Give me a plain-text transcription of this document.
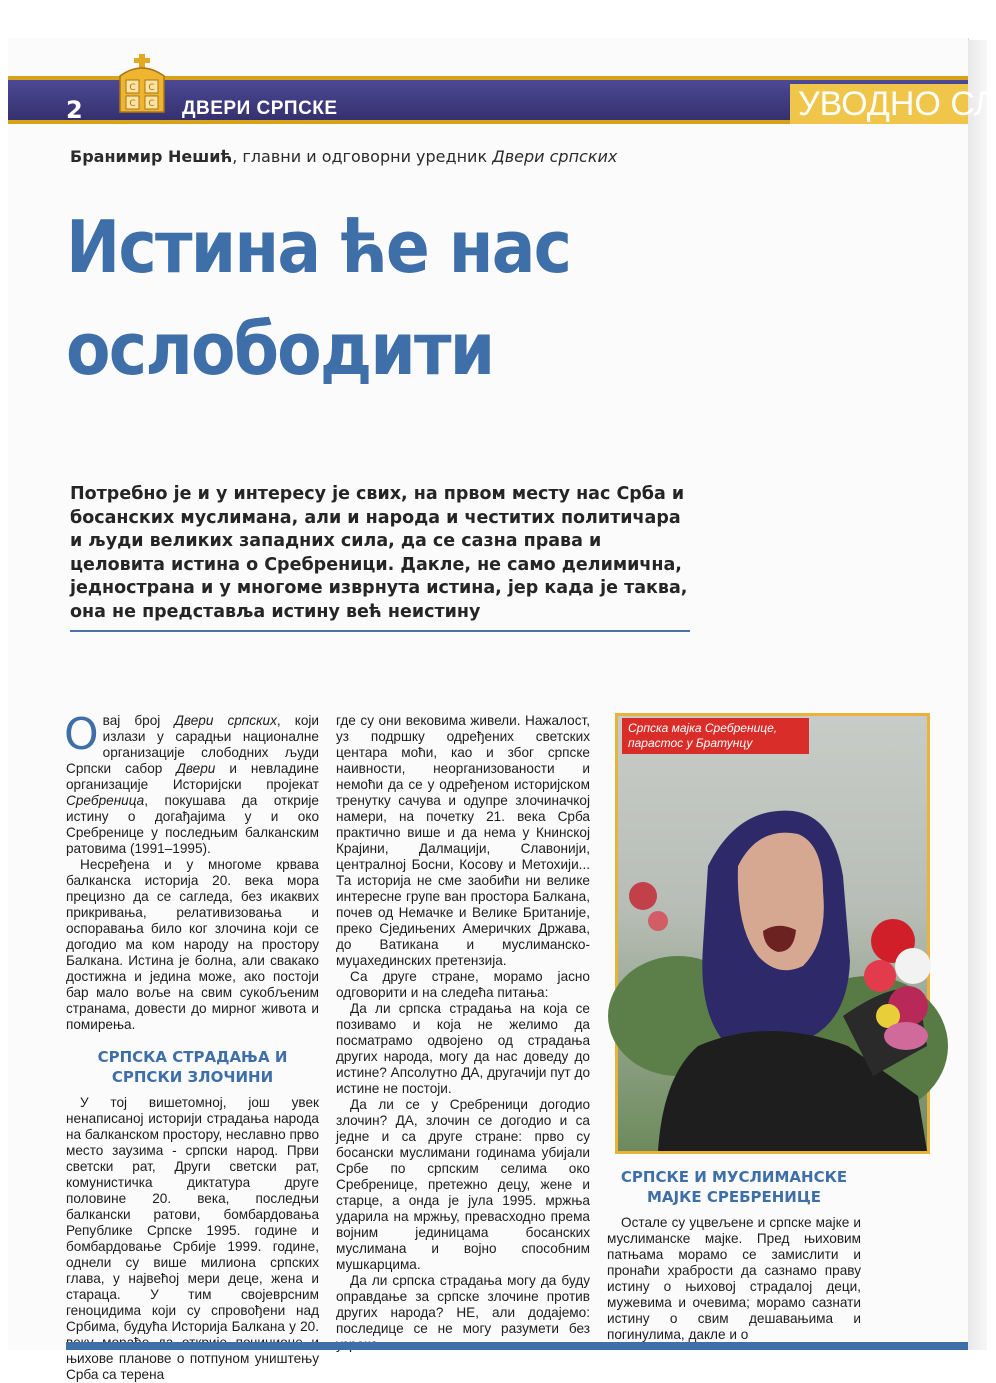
2	ДВЕРИ СРПСКЕ	УВОДНО СЛ
С С
С С
Бранимир Нешић, главни и одговорни уредник Двери српских
Истина ће нас
ослободити
Потребно је и у интересу је свих, на првом месту нас Срба и босанских муслимана, али и народа и честитих политичара и људи великих западних сила, да се сазна права и целовита истина о Сребреници. Дакле, не само делимична, једнострана и у многоме изврнута истина, јер када је таква, она не представља истину већ неистину

Овај број Двери српских, који излази у сарадњи националне организације слободних људи Српски сабор Двери и невладине организације Историјски пројекат Сребреница, покушава да открије истину о догађајима у и око Сребренице у последњим балканским ратовима (1991–1995).

Несређена и у многоме крвава балканска историја 20. века мора прецизно да се сагледа, без икаквих прикривања, релативизовања и оспоравања било ког злочина који се догодио ма ком народу на простору Балкана. Истина је болна, али свакако достижна и једина може, ако постоји бар мало воље на свим сукобљеним странама, довести до мирног живота и помирења.

СРПСКА СТРАДАЊА И СРПСКИ ЗЛОЧИНИ

У тој вишетомној, још увек ненаписаној историји страдања народа на балканском простору, неславно прво место заузима - српски народ. Први светски рат, Други светски рат, комунистичка диктатура друге половине 20. века, последњи балкански ратови, бомбардовања Републике Српске 1995. године и бомбардовање Србије 1999. године, однели су више милиона српских глава, у највећој мери деце, жена и стараца. У тим својеврсним геноцидима који су спровођени над Србима, будућа Историја Балкана у 20. њихове планове о потпуном уништењу Срба са терена

где су они вековима живели. Нажалост, уз подршку одређених светских центара моћи, као и због српске наивности, неорганизованости и немоћи да се у одређеном историјском тренутку сачува и одупре злочиначкој намери, на почетку 21. века Срба практично више и да нема у Книнској Крајини, Далмацији, Славонији, централној Босни, Косову и Метохији... Та историја не сме заобићи ни велике интересне групе ван простора Балкана, почев од Немачке и Велике Британије, преко Сједињених Америчких Држава, до Ватикана и муслиманско-муџахединских претензија.

Са друге стране, морамо јасно одговорити и на следећа питања:

Да ли српска страдања на која се позивамо и која не желимо да посматрамо одвојено од страдања других народа, могу да нас доведу до истине? Апсолутно ДА, другачији пут до истине не постоји.

Да ли се у Сребреници догодио злочин? ДА, злочин се догодио и са једне и са друге стране: прво су босански муслимани годинама убијали Србе по српским селима око Сребренице, претежно децу, жене и старце, а онда је јула 1995. мржња ударила на мржњу, превасходно према војним јединицама босанских муслимана и војно способним мушкарцима.

Да ли српска страдања могу да буду оправдање за српске злочине против других народа? НЕ, али додајемо: последице се не могу разумети без

Српска мајка Сребренице, парастос у Братунцу
СРПСКЕ И МУСЛИМАНСКЕ МАЈКЕ СРЕБРЕНИЦЕ

Остале су уцвељене и српске мајке и муслиманске мајке. Пред њиховим патњама морамо се замислити и пронаћи храбрости да сазнамо праву истину о њиховој страдалој деци, мужевима и очевима; морамо сазнати истину о свим дешавањима и погинулима, дакле и о
